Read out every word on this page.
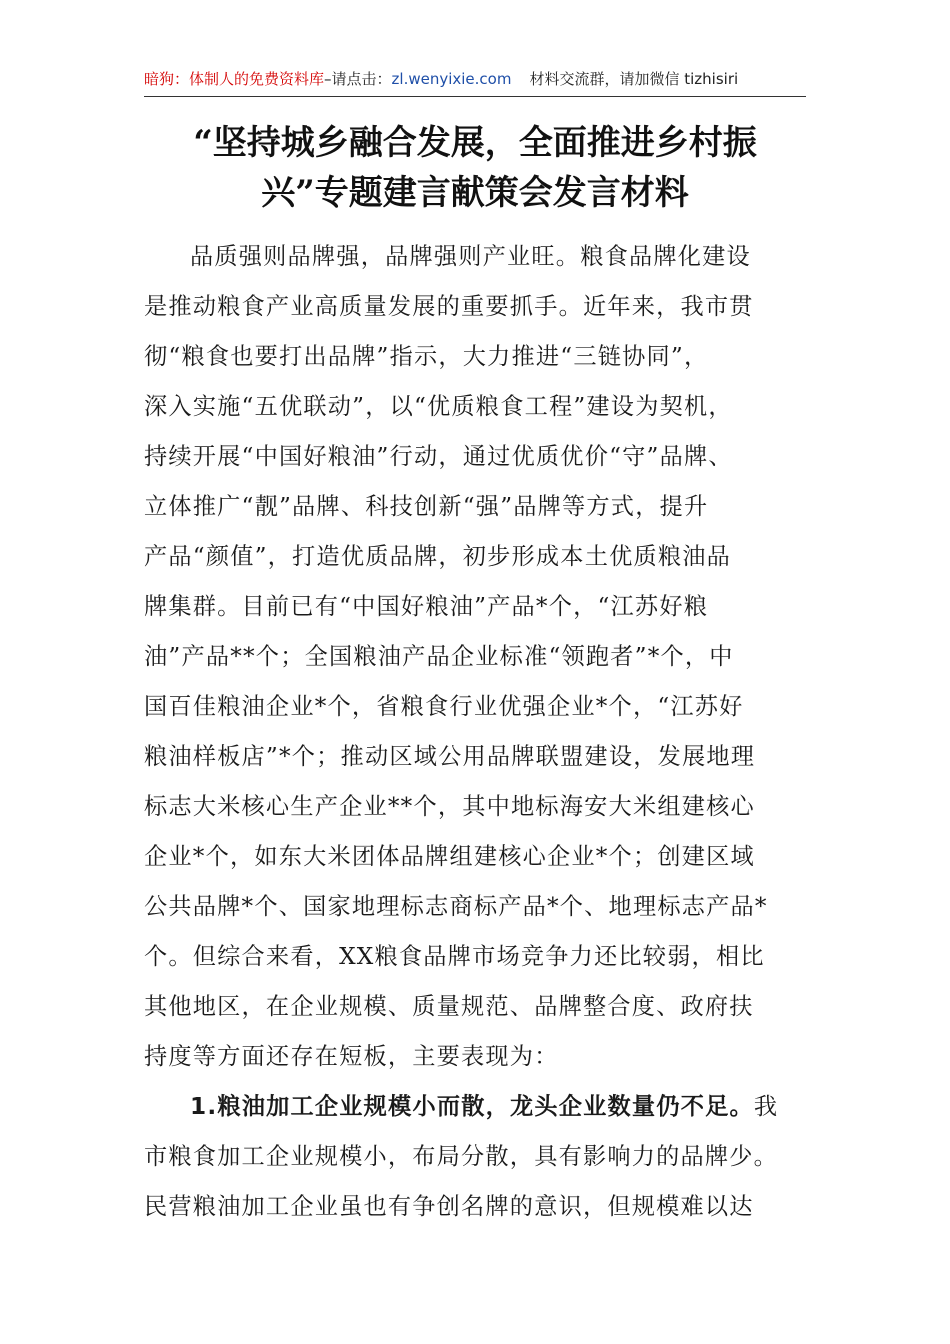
暗狗：体制人的免费资料库–请点击：zl.wenyixie.com 材料交流群，请加微信 tizhisiri
“坚持城乡融合发展，全面推进乡村振
兴”专题建言献策会发言材料
品质强则品牌强，品牌强则产业旺。粮食品牌化建设
是推动粮食产业高质量发展的重要抓手。近年来，我市贯
彻“粮食也要打出品牌”指示，大力推进“三链协同”，
深入实施“五优联动”，以“优质粮食工程”建设为契机，
持续开展“中国好粮油”行动，通过优质优价“守”品牌、
立体推广“靓”品牌、科技创新“强”品牌等方式，提升
产品“颜值”，打造优质品牌，初步形成本土优质粮油品
牌集群。目前已有“中国好粮油”产品*个，“江苏好粮
油”产品**个；全国粮油产品企业标准“领跑者”*个，中
国百佳粮油企业*个，省粮食行业优强企业*个，“江苏好
粮油样板店”*个；推动区域公用品牌联盟建设，发展地理
标志大米核心生产企业**个，其中地标海安大米组建核心
企业*个，如东大米团体品牌组建核心企业*个；创建区域
公共品牌*个、国家地理标志商标产品*个、地理标志产品*
个。但综合来看，XX粮食品牌市场竞争力还比较弱，相比
其他地区，在企业规模、质量规范、品牌整合度、政府扶
持度等方面还存在短板，主要表现为：
1.粮油加工企业规模小而散，龙头企业数量仍不足。我
市粮食加工企业规模小，布局分散，具有影响力的品牌少。
民营粮油加工企业虽也有争创名牌的意识，但规模难以达
